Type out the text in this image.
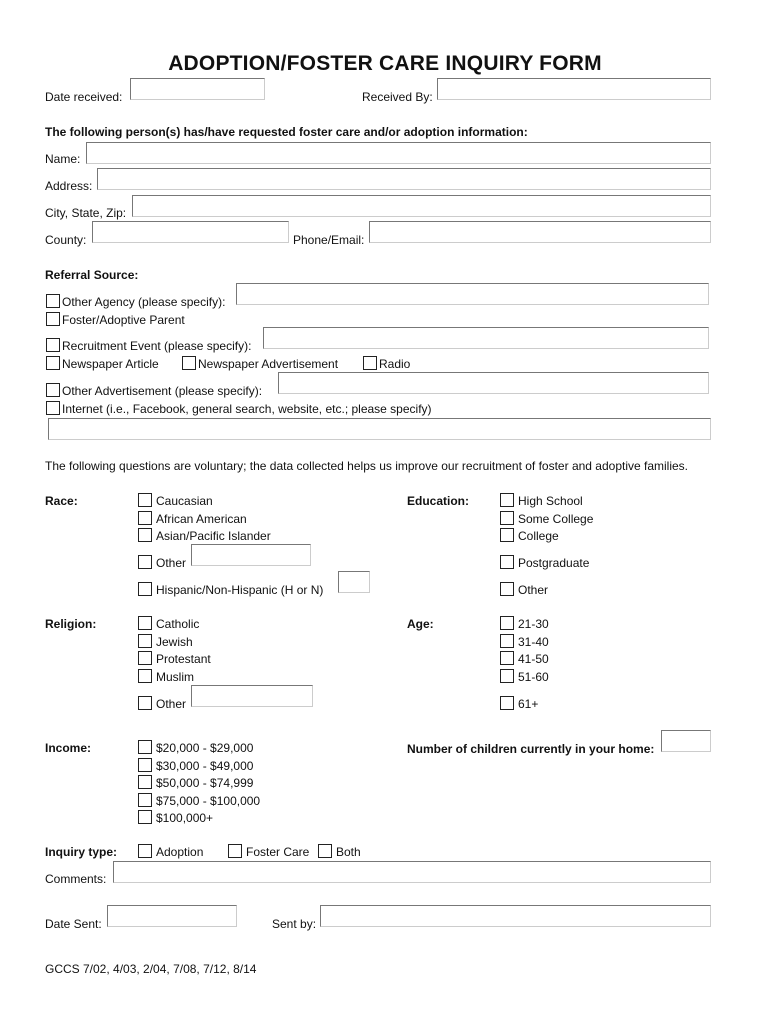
ADOPTION/FOSTER CARE INQUIRY FORM
Date received:	Received By:
The following person(s) has/have requested foster care and/or adoption information:
Name:
Address:
City, State, Zip:
County:	Phone/Email:
Referral Source:
Other Agency (please specify):
Foster/Adoptive Parent
Recruitment Event (please specify):
Newspaper Article	Newspaper Advertisement	Radio
Other Advertisement (please specify):
Internet (i.e., Facebook, general search, website, etc.; please specify)
The following questions are voluntary; the data collected helps us improve our recruitment of foster and adoptive families.
Race:	Caucasian
African American
Asian/Pacific Islander
Other
Hispanic/Non-Hispanic (H or N)
Education:	High School
Some College
College
Postgraduate
Other
Religion:	Catholic
Jewish
Protestant
Muslim
Other
Age:	21-30
31-40
41-50
51-60
61+
Income:	$20,000 - $29,000
$30,000 - $49,000
$50,000 - $74,999
$75,000 - $100,000
$100,000+
Number of children currently in your home:
Inquiry type:	Adoption	Foster Care Both
Comments:
Date Sent:	Sent by:
GCCS 7/02, 4/03, 2/04, 7/08, 7/12, 8/14
